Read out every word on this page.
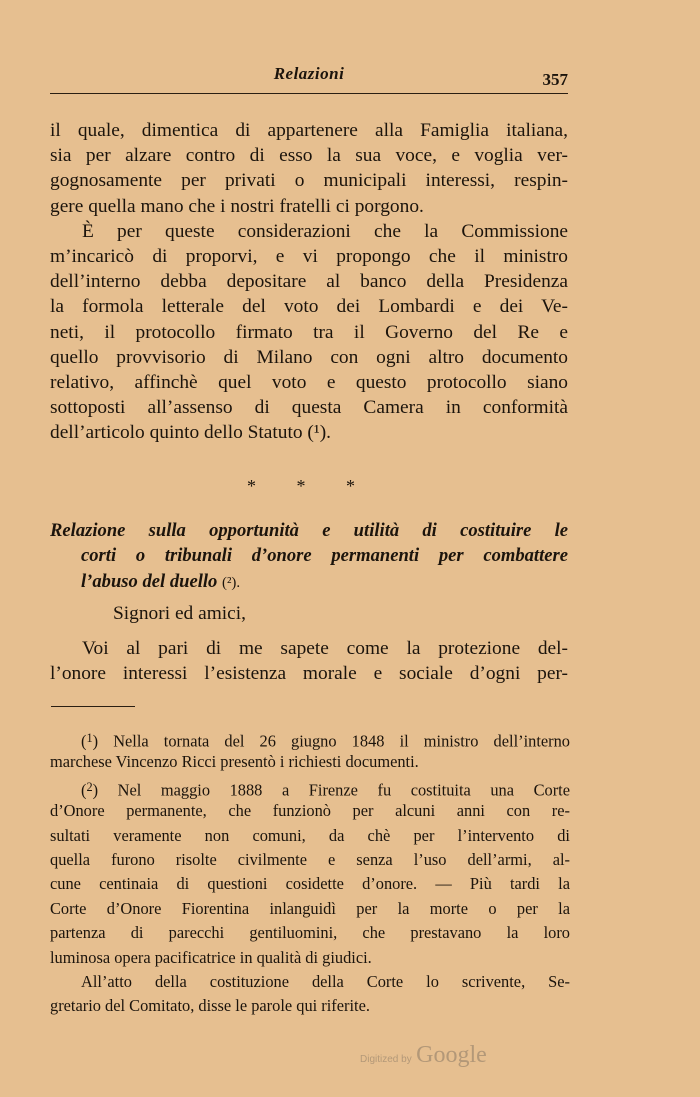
Relazioni	357
il quale, dimentica di appartenere alla Famiglia italiana,
sia per alzare contro di esso la sua voce, e voglia ver-
gognosamente per privati o municipali interessi, respin-
gere quella mano che i nostri fratelli ci porgono.
È per queste considerazioni che la Commissione
m’incaricò di proporvi, e vi propongo che il ministro
dell’interno debba depositare al banco della Presidenza
la formola letterale del voto dei Lombardi e dei Ve-
neti, il protocollo firmato tra il Governo del Re e
quello provvisorio di Milano con ogni altro documento
relativo, affinchè quel voto e questo protocollo siano
sottoposti all’assenso di questa Camera in conformità
dell’articolo quinto dello Statuto (¹).
* * *
Relazione sulla opportunità e utilità di costituire le
corti o tribunali d’onore permanenti per combattere
l’abuso del duello (²).
Signori ed amici,
Voi al pari di me sapete come la protezione del-
l’onore interessi l’esistenza morale e sociale d’ogni per-
($^1$) Nella tornata del 26 giugno 1848 il ministro dell’interno
marchese Vincenzo Ricci presentò i richiesti documenti.
($^2$) Nel maggio 1888 a Firenze fu costituita una Corte
d’Onore permanente, che funzionò per alcuni anni con re-
sultati veramente non comuni, da chè per l’intervento di
quella furono risolte civilmente e senza l’uso dell’armi, al-
cune centinaia di questioni cosidette d’onore. — Più tardi la
Corte d’Onore Fiorentina inlanguidì per la morte o per la
partenza di parecchi gentiluomini, che prestavano la loro
luminosa opera pacificatrice in qualità di giudici.
All’atto della costituzione della Corte lo scrivente, Se-
gretario del Comitato, disse le parole qui riferite.
Digitized by Google
